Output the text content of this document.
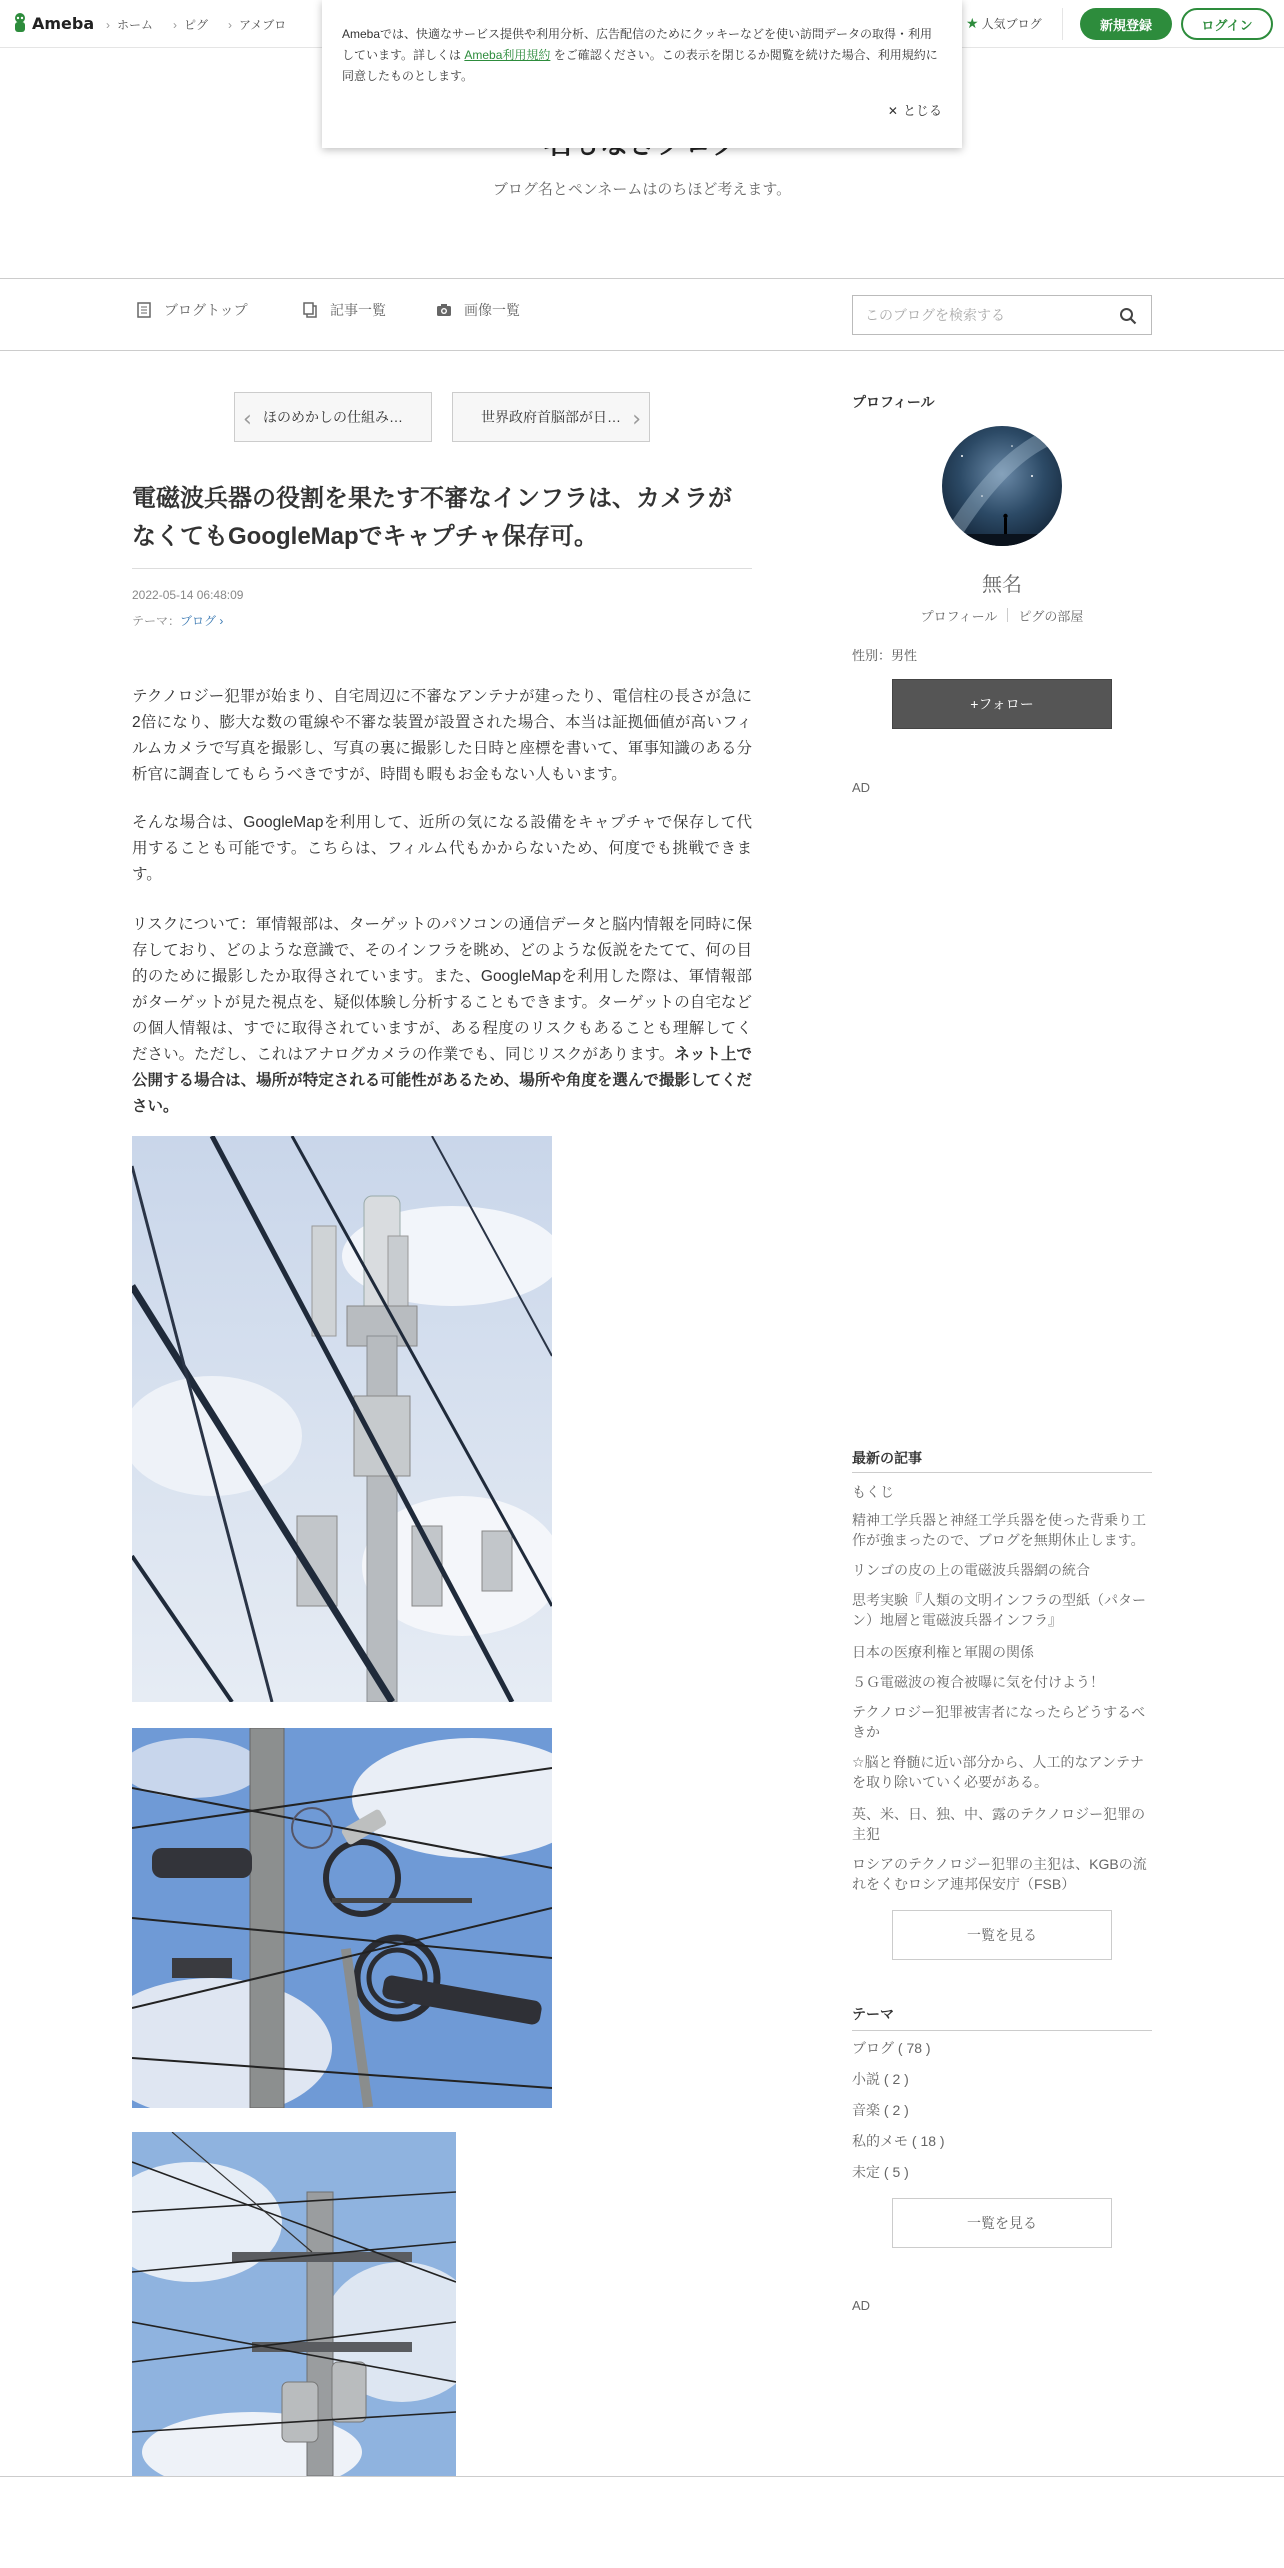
Ameba	› ホーム	› ピグ	› アメブロ	★ 人気ブログ	新規登録	ログイン
Amebaでは、快適なサービス提供や利用分析、広告配信のためにクッキーなどを使い訪問データの取得・利用しています。詳しくは Ameba利用規約 をご確認ください。この表示を閉じるか閲覧を続けた場合、利用規約に同意したものとします。
✕ とじる
ブログ名とペンネームはのちほど考えます。
ブログトップ	記事一覧	画像一覧
このブログを検索する
‹ ほのめかしの仕組み…	世界政府首脳部が日… ›
電磁波兵器の役割を果たす不審なインフラは、カメラがなくてもGoogleMapでキャプチャ保存可。
2022-05-14 06:48:09
テーマ：ブログ ›

テクノロジー犯罪が始まり、自宅周辺に不審なアンテナが建ったり、電信柱の長さが急に2倍になり、膨大な数の電線や不審な装置が設置された場合、本当は証拠価値が高いフィルムカメラで写真を撮影し、写真の裏に撮影した日時と座標を書いて、軍事知識のある分析官に調査してもらうべきですが、時間も暇もお金もない人もいます。

そんな場合は、GoogleMapを利用して、近所の気になる設備をキャプチャで保存して代用することも可能です。こちらは、フィルム代もかからないため、何度でも挑戦できます。

リスクについて：軍情報部は、ターゲットのパソコンの通信データと脳内情報を同時に保存しており、どのような意識で、そのインフラを眺め、どのような仮説をたてて、何の目的のために撮影したか取得されています。また、GoogleMapを利用した際は、軍情報部がターゲットが見た視点を、疑似体験し分析することもできます。ターゲットの自宅などの個人情報は、すでに取得されていますが、ある程度のリスクもあることも理解してください。ただし、これはアナログカメラの作業でも、同じリスクがあります。ネット上で公開する場合は、場所が特定される可能性があるため、場所や角度を選んで撮影してください。

プロフィール
無名
プロフィール ピグの部屋
性別：男性
+フォロー
AD
最新の記事
もくじ
精神工学兵器と神経工学兵器を使った背乗り工作が強まったので、ブログを無期休止します。
リンゴの皮の上の電磁波兵器網の統合
思考実験『人類の文明インフラの型紙（パターン）地層と電磁波兵器インフラ』
日本の医療利権と軍閥の関係
５Ｇ電磁波の複合被曝に気を付けよう！
テクノロジー犯罪被害者になったらどうするべきか
☆脳と脊髄に近い部分から、人工的なアンテナを取り除いていく必要がある。
英、米、日、独、中、露のテクノロジー犯罪の主犯
ロシアのテクノロジー犯罪の主犯は、KGBの流れをくむロシア連邦保安庁（FSB）
一覧を見る
テーマ
ブログ ( 78 )
小説 ( 2 )
音楽 ( 2 )
私的メモ ( 18 )
未定 ( 5 )
一覧を見る
AD
